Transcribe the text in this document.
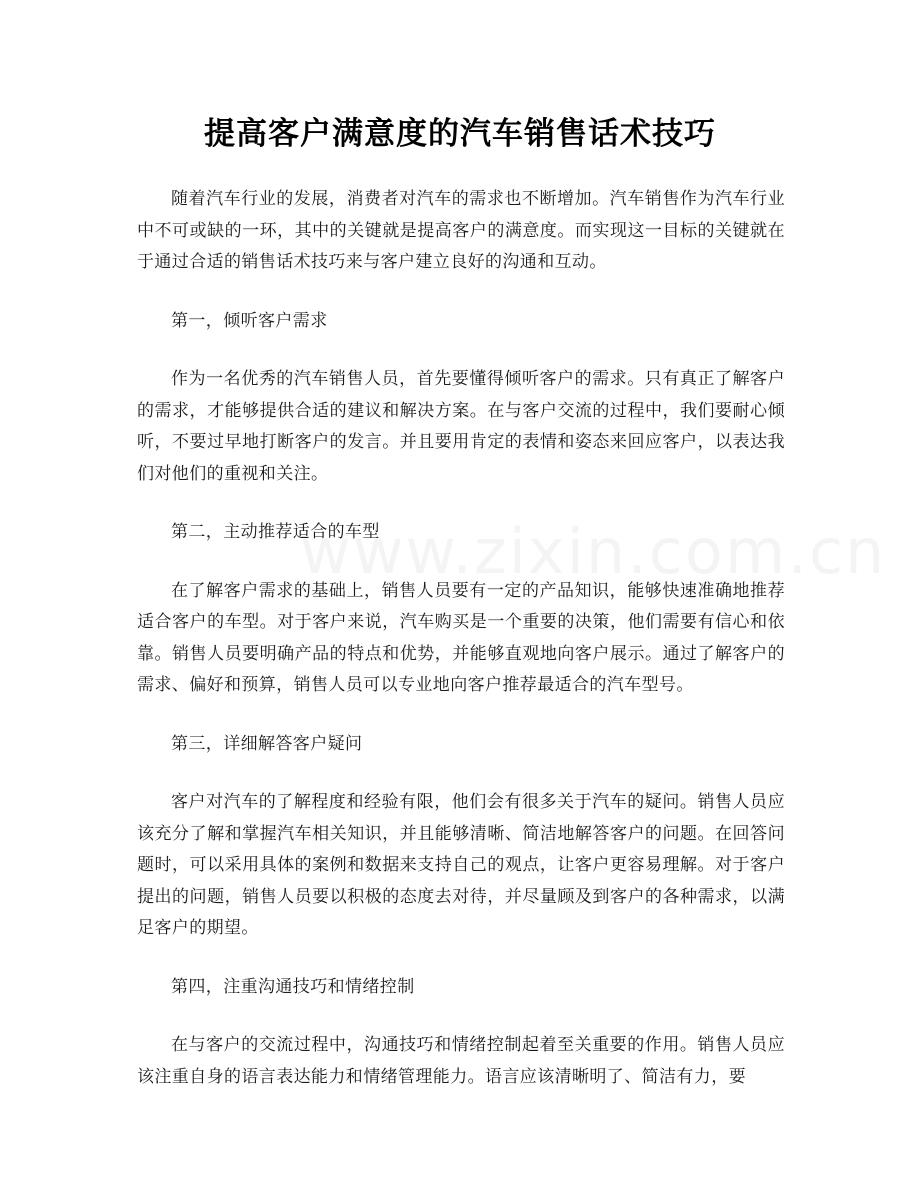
提高客户满意度的汽车销售话术技巧

随着汽车行业的发展，消费者对汽车的需求也不断增加。汽车销售作为汽车行业中不可或缺的一环，其中的关键就是提高客户的满意度。而实现这一目标的关键就在于通过合适的销售话术技巧来与客户建立良好的沟通和互动。

第一，倾听客户需求

作为一名优秀的汽车销售人员，首先要懂得倾听客户的需求。只有真正了解客户的需求，才能够提供合适的建议和解决方案。在与客户交流的过程中，我们要耐心倾听，不要过早地打断客户的发言。并且要用肯定的表情和姿态来回应客户，以表达我们对他们的重视和关注。

第二，主动推荐适合的车型

在了解客户需求的基础上，销售人员要有一定的产品知识，能够快速准确地推荐适合客户的车型。对于客户来说，汽车购买是一个重要的决策，他们需要有信心和依靠。销售人员要明确产品的特点和优势，并能够直观地向客户展示。通过了解客户的需求、偏好和预算，销售人员可以专业地向客户推荐最适合的汽车型号。

第三，详细解答客户疑问

客户对汽车的了解程度和经验有限，他们会有很多关于汽车的疑问。销售人员应该充分了解和掌握汽车相关知识，并且能够清晰、简洁地解答客户的问题。在回答问题时，可以采用具体的案例和数据来支持自己的观点，让客户更容易理解。对于客户提出的问题，销售人员要以积极的态度去对待，并尽量顾及到客户的各种需求，以满足客户的期望。

第四，注重沟通技巧和情绪控制

在与客户的交流过程中，沟通技巧和情绪控制起着至关重要的作用。销售人员应该注重自身的语言表达能力和情绪管理能力。语言应该清晰明了、简洁有力，要
